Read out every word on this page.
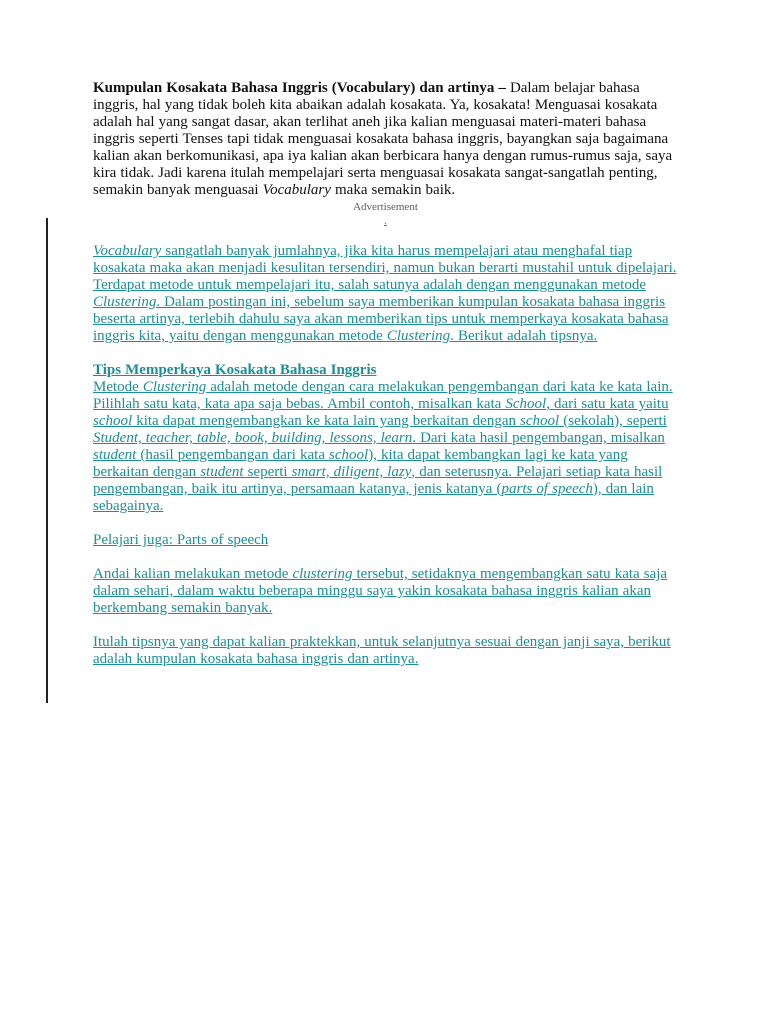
Kumpulan Kosakata Bahasa Inggris (Vocabulary) dan artinya – Dalam belajar bahasa inggris, hal yang tidak boleh kita abaikan adalah kosakata. Ya, kosakata! Menguasai kosakata adalah hal yang sangat dasar, akan terlihat aneh jika kalian menguasai materi-materi bahasa inggris seperti Tenses tapi tidak menguasai kosakata bahasa inggris, bayangkan saja bagaimana kalian akan berkomunikasi, apa iya kalian akan berbicara hanya dengan rumus-rumus saja, saya kira tidak. Jadi karena itulah mempelajari serta menguasai kosakata sangat-sangatlah penting, semakin banyak menguasai Vocabulary maka semakin baik.

Advertisement
.

Vocabulary sangatlah banyak jumlahnya, jika kita harus mempelajari atau menghafal tiap kosakata maka akan menjadi kesulitan tersendiri, namun bukan berarti mustahil untuk dipelajari. Terdapat metode untuk mempelajari itu, salah satunya adalah dengan menggunakan metode Clustering. Dalam postingan ini, sebelum saya memberikan kumpulan kosakata bahasa inggris beserta artinya, terlebih dahulu saya akan memberikan tips untuk memperkaya kosakata bahasa inggris kita, yaitu dengan menggunakan metode Clustering. Berikut adalah tipsnya.

Tips Memperkaya Kosakata Bahasa Inggris
Metode Clustering adalah metode dengan cara melakukan pengembangan dari kata ke kata lain. Pilihlah satu kata, kata apa saja bebas. Ambil contoh, misalkan kata School, dari satu kata yaitu school kita dapat mengembangkan ke kata lain yang berkaitan dengan school (sekolah), seperti Student, teacher, table, book, building, lessons, learn. Dari kata hasil pengembangan, misalkan student (hasil pengembangan dari kata school), kita dapat kembangkan lagi ke kata yang berkaitan dengan student seperti smart, diligent, lazy, dan seterusnya. Pelajari setiap kata hasil pengembangan, baik itu artinya, persamaan katanya, jenis katanya (parts of speech), dan lain sebagainya.

Pelajari juga: Parts of speech

Andai kalian melakukan metode clustering tersebut, setidaknya mengembangkan satu kata saja dalam sehari, dalam waktu beberapa minggu saya yakin kosakata bahasa inggris kalian akan berkembang semakin banyak.

Itulah tipsnya yang dapat kalian praktekkan, untuk selanjutnya sesuai dengan janji saya, berikut adalah kumpulan kosakata bahasa inggris dan artinya.
